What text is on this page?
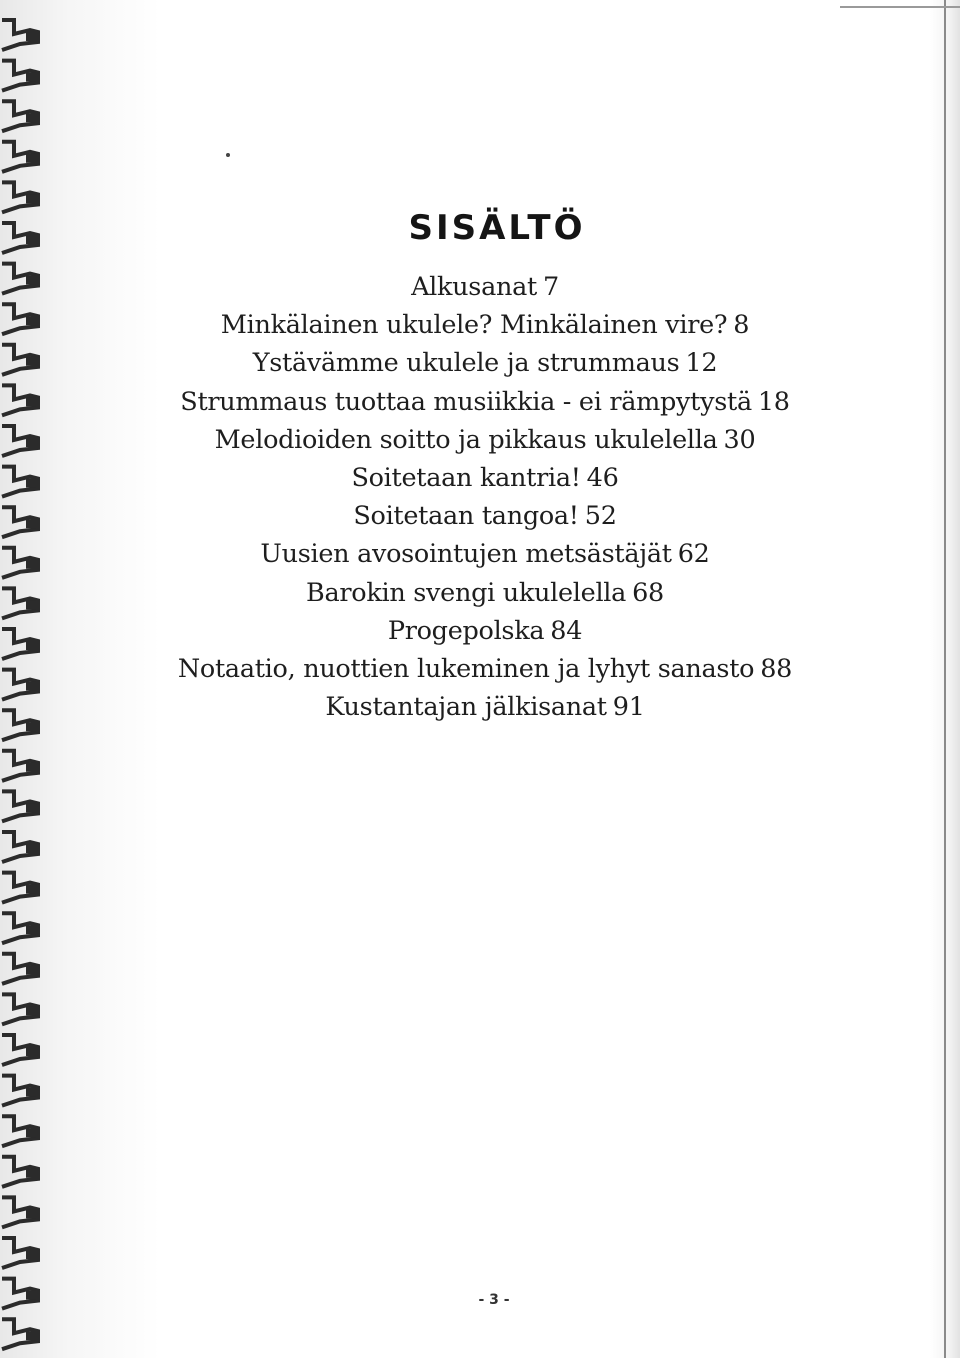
SISÄLTÖ
Alkusanat 7
Minkälainen ukulele? Minkälainen vire? 8
Ystävämme ukulele ja strummaus 12
Strummaus tuottaa musiikkia - ei rämpytystä 18
Melodioiden soitto ja pikkaus ukulelella 30
Soitetaan kantria! 46
Soitetaan tangoa! 52
Uusien avosointujen metsästäjät 62
Barokin svengi ukulelella 68
Progepolska 84
Notaatio, nuottien lukeminen ja lyhyt sanasto 88
Kustantajan jälkisanat 91
- 3 -
